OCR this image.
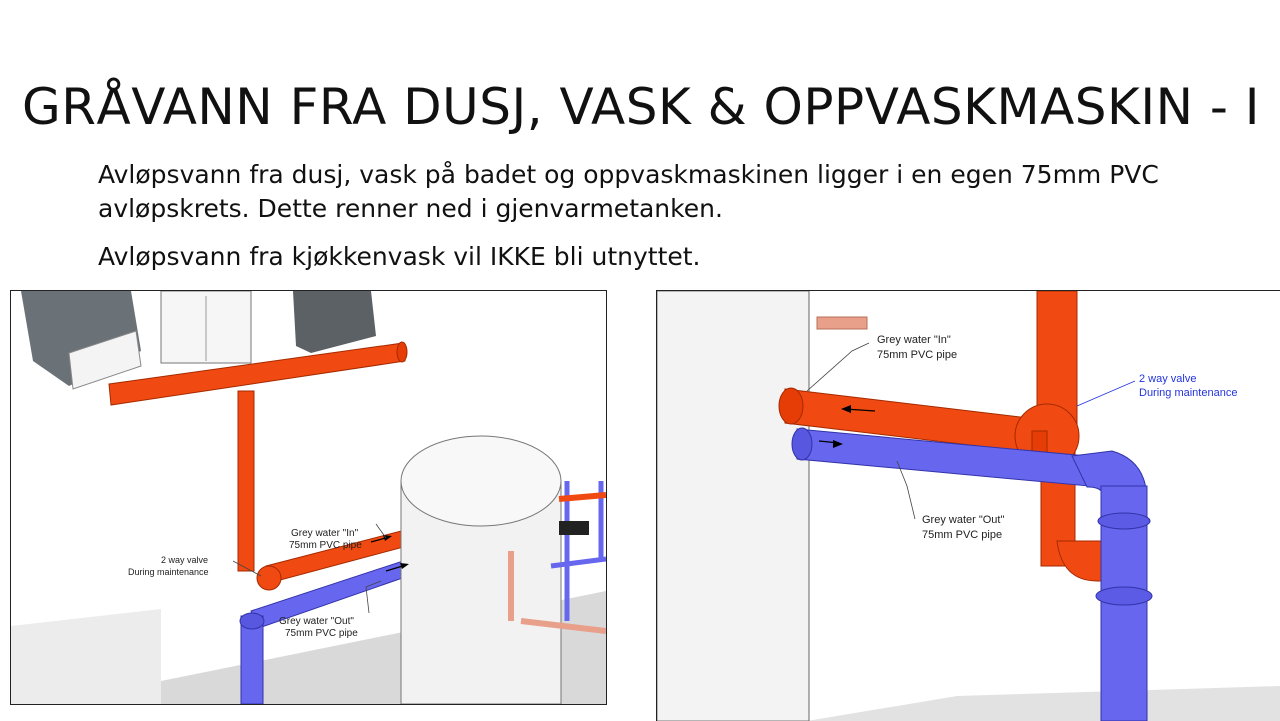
GRÅVANN FRA DUSJ, VASK & OPPVASKMASKIN - I
Avløpsvann fra dusj, vask på badet og oppvaskmaskinen ligger i en egen 75mm PVC avløpskrets. Dette renner ned i gjenvarmetanken.
Avløpsvann fra kjøkkenvask vil IKKE bli utnyttet.
Grey water "In"
75mm PVC pipe
2 way valve
During maintenance
Grey water "Out"
75mm PVC pipe
Grey water "In"
75mm PVC pipe
2 way valve
During maintenance
Grey water "Out"
75mm PVC pipe
